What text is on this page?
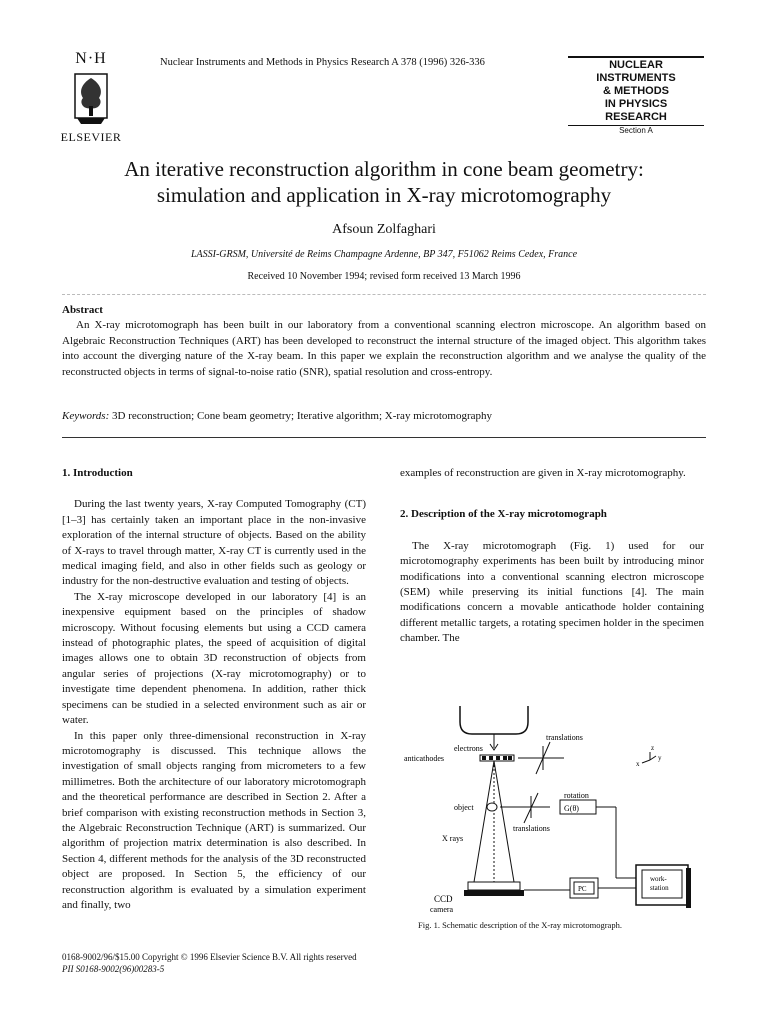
N·H
ELSEVIER
Nuclear Instruments and Methods in Physics Research A 378 (1996) 326-336	NUCLEAR
INSTRUMENTS
& METHODS
IN PHYSICS
RESEARCH
Section A
An iterative reconstruction algorithm in cone beam geometry:
simulation and application in X-ray microtomography
Afsoun Zolfaghari
LASSI-GRSM, Université de Reims Champagne Ardenne, BP 347, F51062 Reims Cedex, France
Received 10 November 1994; revised form received 13 March 1996
Abstract
An X-ray microtomograph has been built in our laboratory from a conventional scanning electron microscope. An algorithm based on Algebraic Reconstruction Techniques (ART) has been developed to reconstruct the internal structure of the imaged object. This algorithm takes into account the diverging nature of the X-ray beam. In this paper we explain the reconstruction algorithm and we analyse the quality of the reconstructed objects in terms of signal-to-noise ratio (SNR), spatial resolution and cross-entropy.
Keywords: 3D reconstruction; Cone beam geometry; Iterative algorithm; X-ray microtomography
1. Introduction

During the last twenty years, X-ray Computed Tomography (CT) [1–3] has certainly taken an important place in the non-invasive exploration of the internal structure of objects. Based on the ability of X-rays to travel through matter, X-ray CT is currently used in the medical imaging field, and also in other fields such as geology or industry for the non-destructive evaluation and testing of objects.

The X-ray microscope developed in our laboratory [4] is an inexpensive equipment based on the principles of shadow microscopy. Without focusing elements but using a CCD camera instead of photographic plates, the speed of acquisition of digital images allows one to obtain 3D reconstruction of objects from angular series of projections (X-ray microtomography) or to investigate time dependent phenomena. In addition, rather thick specimens can be studied in a selected environment such as air or water.

In this paper only three-dimensional reconstruction in X-ray microtomography is discussed. This technique allows the investigation of small objects ranging from micrometers to a few millimetres. Both the architecture of our laboratory microtomograph and the theoretical performance are described in Section 2. After a brief comparison with existing reconstruction methods in Section 3, the Algebraic Reconstruction Technique (ART) is summarized. Our algorithm of projection matrix determination is also described. In Section 4, different methods for the analysis of the 3D reconstructed object are proposed. In Section 5, the efficiency of our reconstruction algorithm is evaluated by a simulation experiment and finally, two

examples of reconstruction are given in X-ray microtomography.

2. Description of the X-ray microtomograph

The X-ray microtomograph (Fig. 1) used for our microtomography experiments has been built by introducing minor modifications into a conventional scanning electron microscope (SEM) while preserving its initial functions [4]. The main modifications concern a movable anticathode holder containing different metallic targets, a rotating specimen holder in the specimen chamber. The

translations
electrons
anticathodes
rotation
G(θ)
object
translations
X rays
CCD
camera
PC
work-
station
x
y
z
Fig. 1. Schematic description of the X-ray microtomograph.
0168-9002/96/$15.00 Copyright © 1996 Elsevier Science B.V. All rights reserved
PII S0168-9002(96)00283-5
